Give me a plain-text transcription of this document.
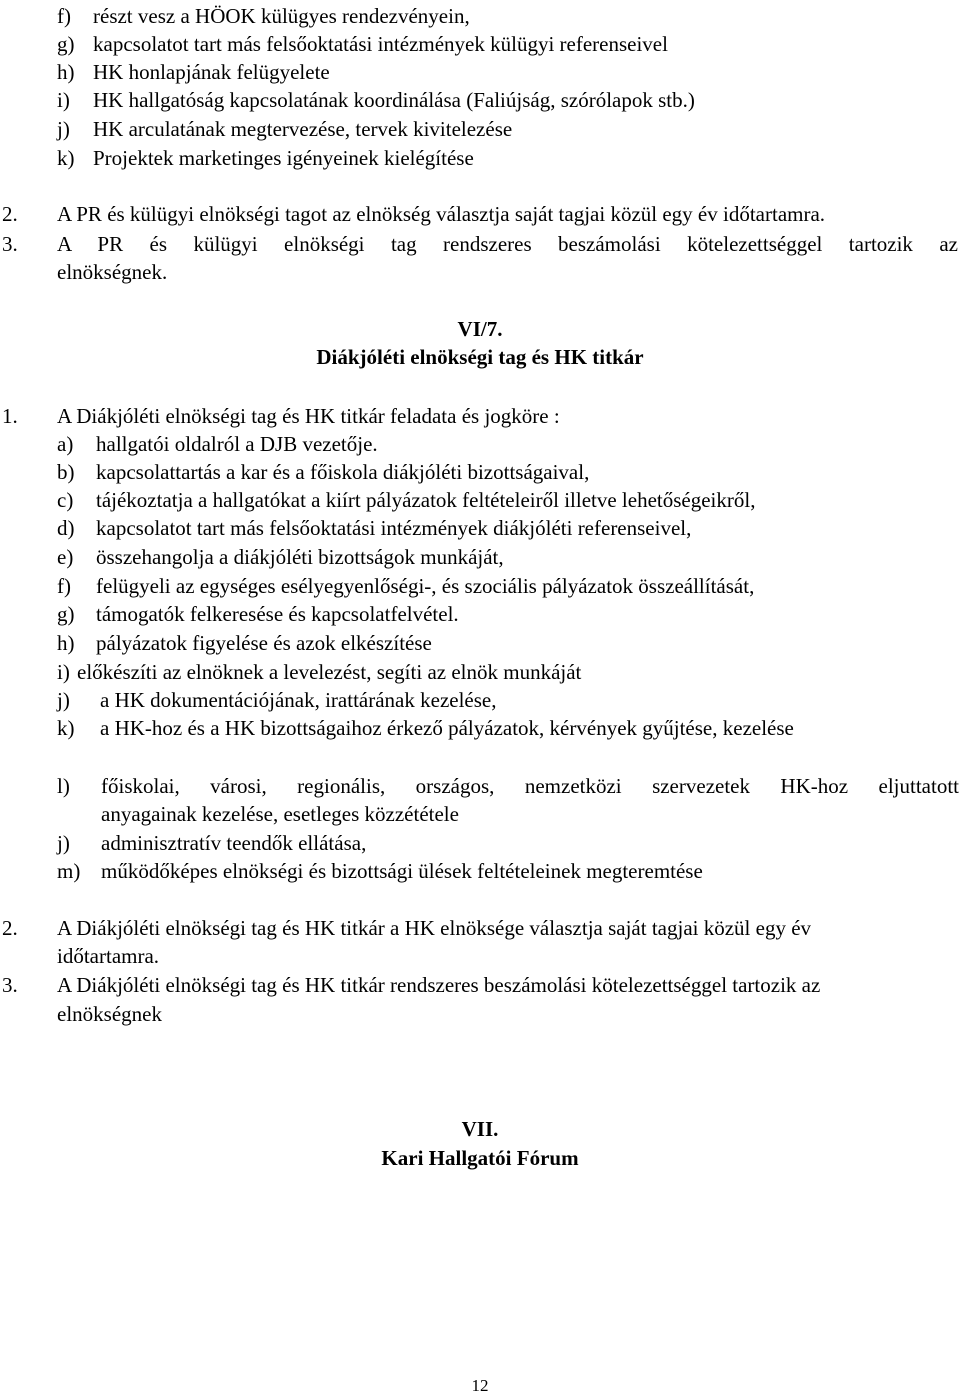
f) részt vesz a HÖOK külügyes rendezvényein,
g) kapcsolatot tart más felsőoktatási intézmények külügyi referenseivel
h) HK honlapjának felügyelete
i) HK hallgatóság kapcsolatának koordinálása (Faliújság, szórólapok stb.)
j) HK arculatának megtervezése, tervek kivitelezése
k) Projektek marketinges igényeinek kielégítése
2. A PR és külügyi elnökségi tagot az elnökség választja saját tagjai közül egy év időtartamra.
3. A PR és külügyi elnökségi tag rendszeres beszámolási kötelezettséggel tartozik az
elnökségnek.
VI/7.
Diákjóléti elnökségi tag és HK titkár
1. A Diákjóléti elnökségi tag és HK titkár feladata és jogköre :
a) hallgatói oldalról a DJB vezetője.
b) kapcsolattartás a kar és a főiskola diákjóléti bizottságaival,
c) tájékoztatja a hallgatókat a kiírt pályázatok feltételeiről illetve lehetőségeikről,
d) kapcsolatot tart más felsőoktatási intézmények diákjóléti referenseivel,
e) összehangolja a diákjóléti bizottságok munkáját,
f) felügyeli az egységes esélyegyenlőségi-, és szociális pályázatok összeállítását,
g) támogatók felkeresése és kapcsolatfelvétel.
h) pályázatok figyelése és azok elkészítése
i) előkészíti az elnöknek a levelezést, segíti az elnök munkáját
j) a HK dokumentációjának, irattárának kezelése,
k) a HK-hoz és a HK bizottságaihoz érkező pályázatok, kérvények gyűjtése, kezelése
l) főiskolai, városi, regionális, országos, nemzetközi szervezetek HK-hoz eljuttatott
anyagainak kezelése, esetleges közzététele
j) adminisztratív teendők ellátása,
m) működőképes elnökségi és bizottsági ülések feltételeinek megteremtése
2. A Diákjóléti elnökségi tag és HK titkár a HK elnöksége választja saját tagjai közül egy év
időtartamra.
3. A Diákjóléti elnökségi tag és HK titkár rendszeres beszámolási kötelezettséggel tartozik az
elnökségnek
VII.
Kari Hallgatói Fórum
12
